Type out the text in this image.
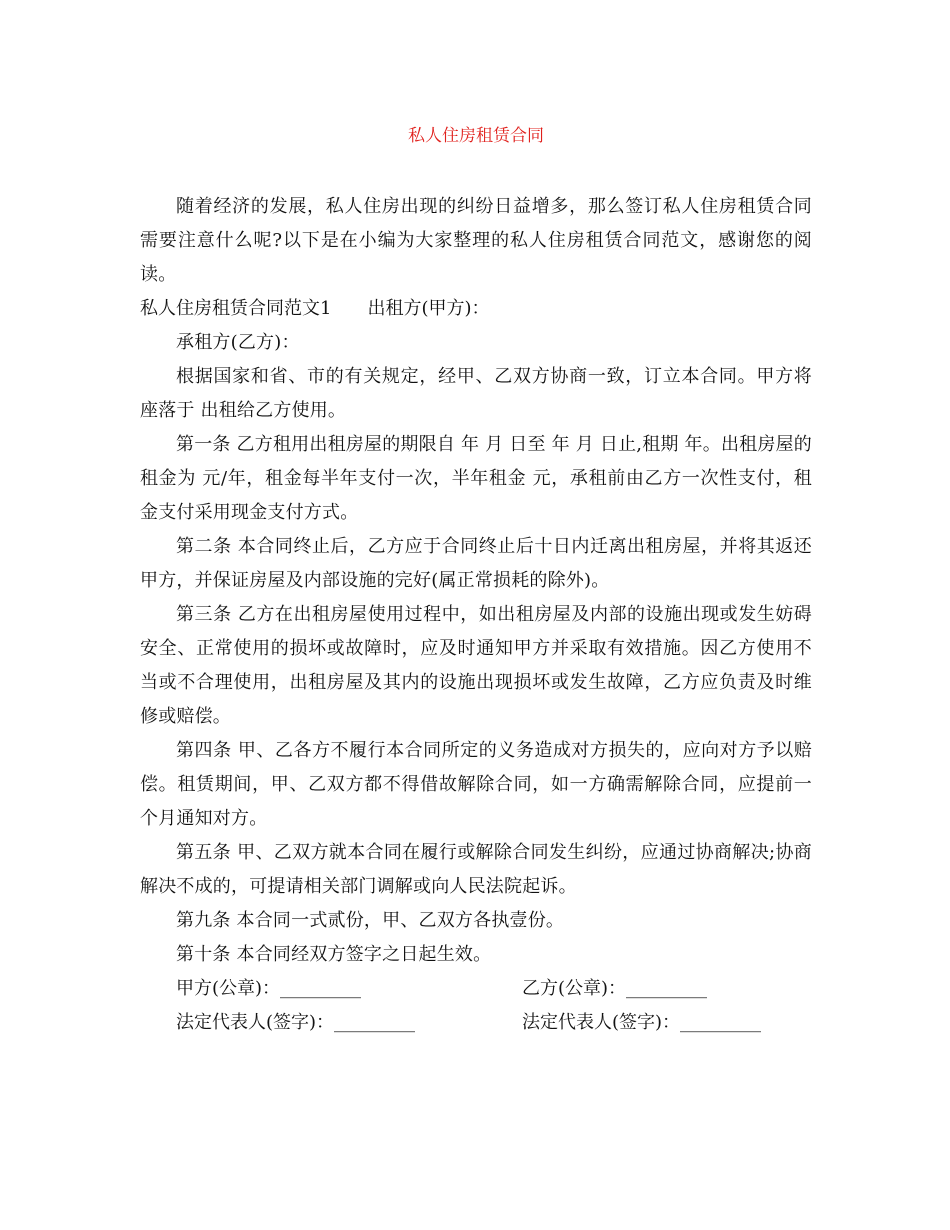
私人住房租赁合同

随着经济的发展，私人住房出现的纠纷日益增多，那么签订私人住房租赁合同需要注意什么呢?以下是在小编为大家整理的私人住房租赁合同范文，感谢您的阅读。

私人住房租赁合同范文1 出租方(甲方)：

承租方(乙方)：

根据国家和省、市的有关规定，经甲、乙双方协商一致，订立本合同。甲方将座落于 出租给乙方使用。

第一条 乙方租用出租房屋的期限自 年 月 日至 年 月 日止,租期 年。出租房屋的租金为 元/年，租金每半年支付一次，半年租金 元，承租前由乙方一次性支付，租金支付采用现金支付方式。

第二条 本合同终止后，乙方应于合同终止后十日内迁离出租房屋，并将其返还甲方，并保证房屋及内部设施的完好(属正常损耗的除外)。

第三条 乙方在出租房屋使用过程中，如出租房屋及内部的设施出现或发生妨碍安全、正常使用的损坏或故障时，应及时通知甲方并采取有效措施。因乙方使用不当或不合理使用，出租房屋及其内的设施出现损坏或发生故障，乙方应负责及时维修或赔偿。

第四条 甲、乙各方不履行本合同所定的义务造成对方损失的，应向对方予以赔偿。租赁期间，甲、乙双方都不得借故解除合同，如一方确需解除合同，应提前一个月通知对方。

第五条 甲、乙双方就本合同在履行或解除合同发生纠纷，应通过协商解决;协商解决不成的，可提请相关部门调解或向人民法院起诉。

第九条 本合同一式贰份，甲、乙双方各执壹份。

第十条 本合同经双方签字之日起生效。

甲方(公章)：_________	乙方(公章)：_________
法定代表人(签字)：_________	法定代表人(签字)：_________
